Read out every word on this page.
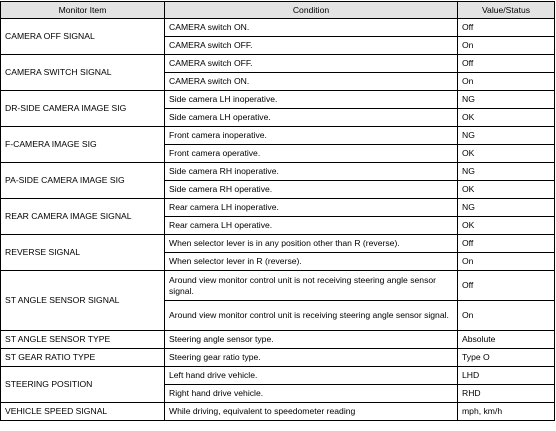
Monitor Item	Condition	Value/Status
CAMERA OFF SIGNAL	CAMERA switch ON.	Off
	CAMERA switch OFF.	On
CAMERA SWITCH SIGNAL	CAMERA switch OFF.	Off
	CAMERA switch ON.	On
DR-SIDE CAMERA IMAGE SIG	Side camera LH inoperative.	NG
	Side camera LH operative.	OK
F-CAMERA IMAGE SIG	Front camera inoperative.	NG
	Front camera operative.	OK
PA-SIDE CAMERA IMAGE SIG	Side camera RH inoperative.	NG
	Side camera RH operative.	OK
REAR CAMERA IMAGE SIGNAL	Rear camera LH inoperative.	NG
	Rear camera LH operative.	OK
REVERSE SIGNAL	When selector lever is in any position other than R (reverse).	Off
	When selector lever in R (reverse).	On
ST ANGLE SENSOR SIGNAL	Around view monitor control unit is not receiving steering angle sensor signal.	Off
	Around view monitor control unit is receiving steering angle sensor signal.	On
ST ANGLE SENSOR TYPE	Steering angle sensor type.	Absolute
ST GEAR RATIO TYPE	Steering gear ratio type.	Type O
STEERING POSITION	Left hand drive vehicle.	LHD
	Right hand drive vehicle.	RHD
VEHICLE SPEED SIGNAL	While driving, equivalent to speedometer reading	mph, km/h
